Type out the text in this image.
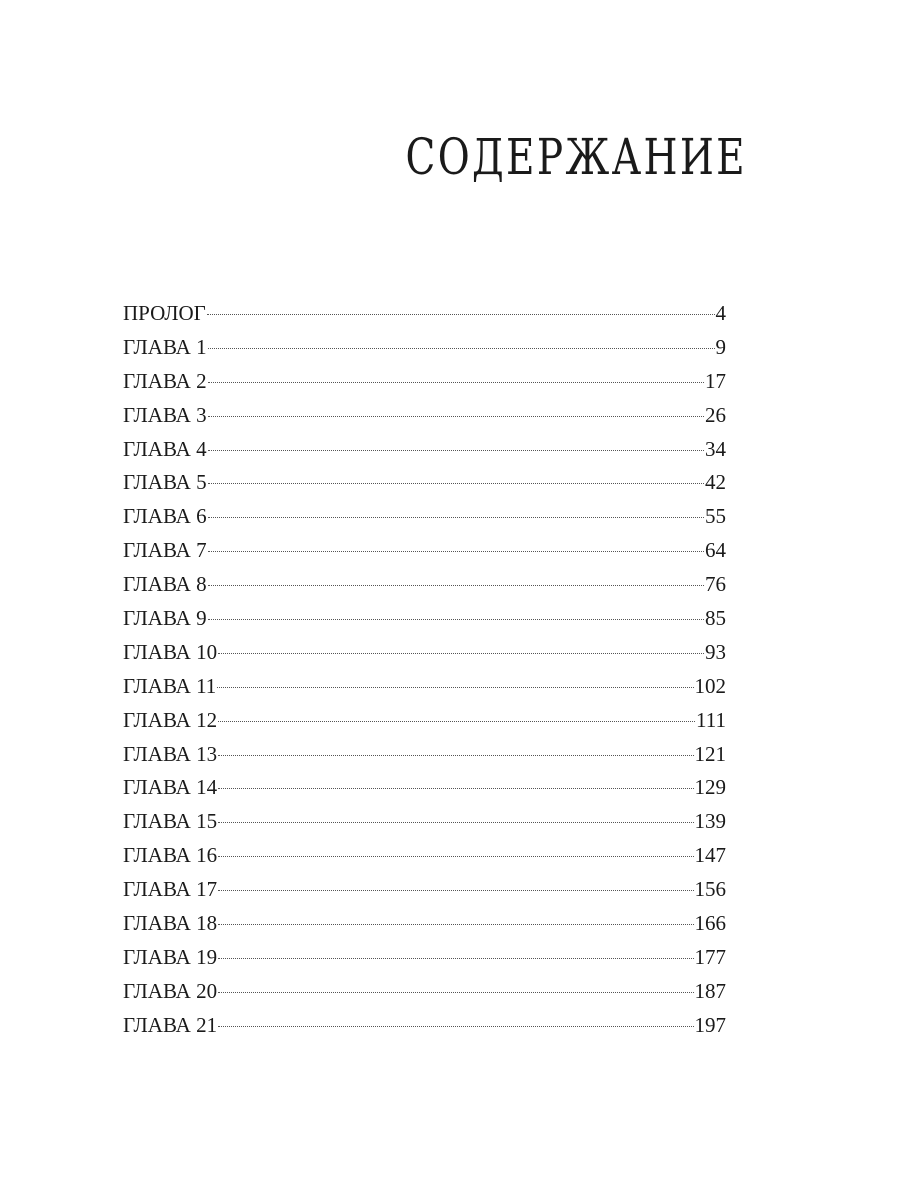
СОДЕРЖАНИЕ
ПРОЛОГ	4
ГЛАВА 1	9
ГЛАВА 2	17
ГЛАВА 3	26
ГЛАВА 4	34
ГЛАВА 5	42
ГЛАВА 6	55
ГЛАВА 7	64
ГЛАВА 8	76
ГЛАВА 9	85
ГЛАВА 10	93
ГЛАВА 11	102
ГЛАВА 12	111
ГЛАВА 13	121
ГЛАВА 14	129
ГЛАВА 15	139
ГЛАВА 16	147
ГЛАВА 17	156
ГЛАВА 18	166
ГЛАВА 19	177
ГЛАВА 20	187
ГЛАВА 21	197
